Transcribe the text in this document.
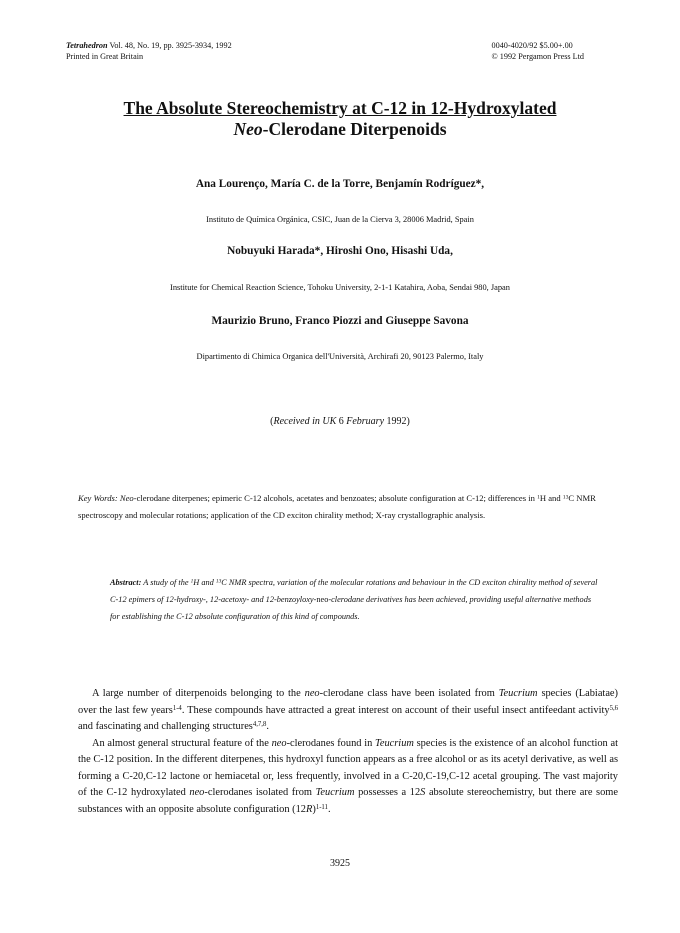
Tetrahedron Vol. 48, No. 19, pp. 3925-3934, 1992
Printed in Great Britain
0040-4020/92 $5.00+.00
© 1992 Pergamon Press Ltd
The Absolute Stereochemistry at C-12 in 12-Hydroxylated
Neo-Clerodane Diterpenoids
Ana Lourenço, María C. de la Torre, Benjamín Rodríguez*,
Instituto de Química Orgánica, CSIC, Juan de la Cierva 3, 28006 Madrid, Spain
Nobuyuki Harada*, Hiroshi Ono, Hisashi Uda,
Institute for Chemical Reaction Science, Tohoku University, 2-1-1 Katahira, Aoba, Sendai 980, Japan
Maurizio Bruno, Franco Piozzi and Giuseppe Savona
Dipartimento di Chimica Organica dell'Università, Archirafi 20, 90123 Palermo, Italy
(Received in UK 6 February 1992)
Key Words: Neo-clerodane diterpenes; epimeric C-12 alcohols, acetates and benzoates; absolute configuration at C-12; differences in $^1$H and $^{13}$C NMR spectroscopy and molecular rotations; application of the CD exciton chirality method; X-ray crystallographic analysis.
Abstract: A study of the $^1$H and $^{13}$C NMR spectra, variation of the molecular rotations and behaviour in the CD exciton chirality method of several C-12 epimers of 12-hydroxy-, 12-acetoxy- and 12-benzoyloxy-neo-clerodane derivatives has been achieved, providing useful alternative methods for establishing the C-12 absolute configuration of this kind of compounds.

A large number of diterpenoids belonging to the neo-clerodane class have been isolated from Teucrium species (Labiatae) over the last few years$^{1-4}$. These compounds have attracted a great interest on account of their useful insect antifeedant activity$^{5,6}$ and fascinating and challenging structures$^{4,7,8}$.

An almost general structural feature of the neo-clerodanes found in Teucrium species is the existence of an alcohol function at the C-12 position. In the different diterpenes, this hydroxyl function appears as a free alcohol or as its acetyl derivative, as well as forming a C-20,C-12 lactone or hemiacetal or, less frequently, involved in a C-20,C-19,C-12 acetal grouping. The vast majority of the C-12 hydroxylated neo-clerodanes isolated from Teucrium possesses a 12S absolute stereochemistry, but there are some substances with an opposite absolute configuration $(12R)^{1-11}$.

3925
